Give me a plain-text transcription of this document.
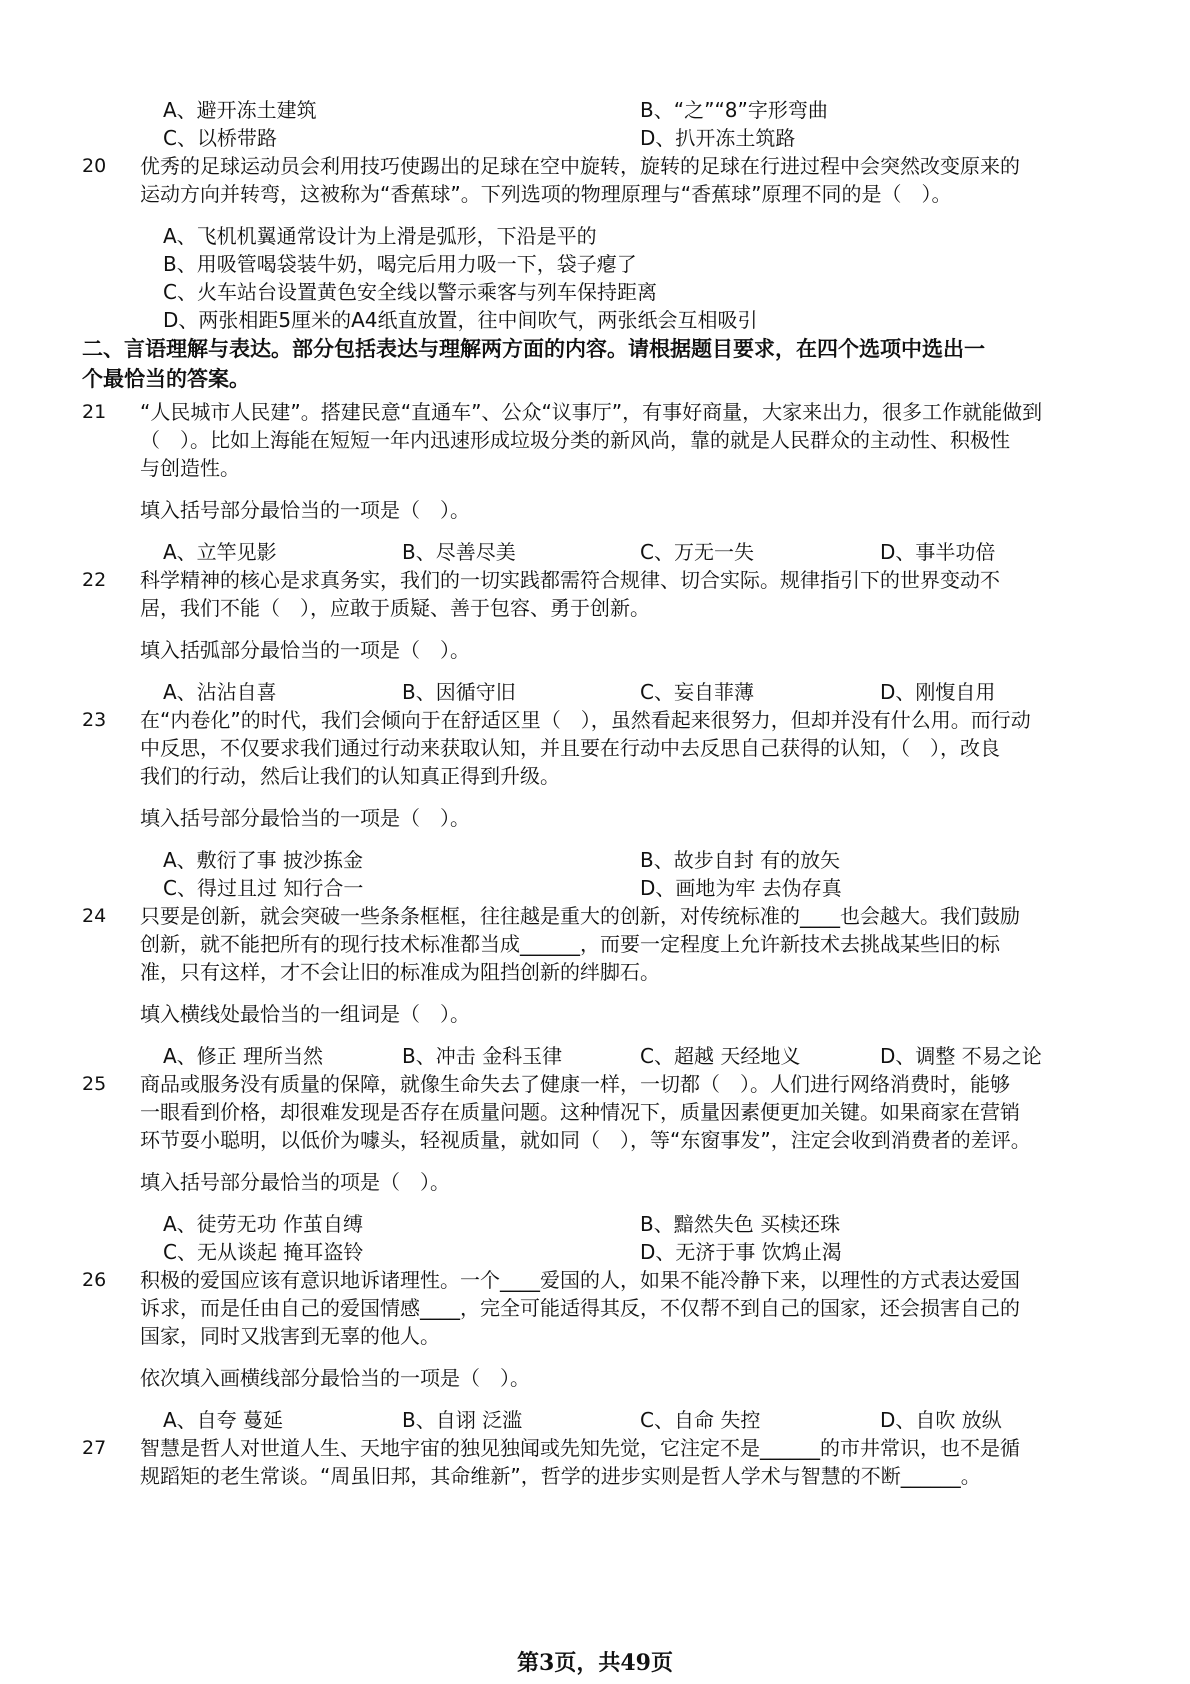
A、避开冻土建筑	B、“之”“8”字形弯曲
C、以桥带路	D、扒开冻土筑路
20 优秀的足球运动员会利用技巧使踢出的足球在空中旋转，旋转的足球在行进过程中会突然改变原来的
运动方向并转弯，这被称为“香蕉球”。下列选项的物理原理与“香蕉球”原理不同的是（　）。
A、飞机机翼通常设计为上滑是弧形，下沿是平的
B、用吸管喝袋装牛奶，喝完后用力吸一下，袋子瘪了
C、火车站台设置黄色安全线以警示乘客与列车保持距离
D、两张相距5厘米的A4纸直放置，往中间吹气，两张纸会互相吸引
二、言语理解与表达。部分包括表达与理解两方面的内容。请根据题目要求，在四个选项中选出一
个最恰当的答案。
21 “人民城市人民建”。搭建民意“直通车”、公众“议事厅”，有事好商量，大家来出力，很多工作就能做到
（　）。比如上海能在短短一年内迅速形成垃圾分类的新风尚，靠的就是人民群众的主动性、积极性
与创造性。
填入括号部分最恰当的一项是（　）。
A、立竿见影	B、尽善尽美	C、万无一失	D、事半功倍
22 科学精神的核心是求真务实，我们的一切实践都需符合规律、切合实际。规律指引下的世界变动不
居，我们不能（　），应敢于质疑、善于包容、勇于创新。
填入括弧部分最恰当的一项是（　）。
A、沾沾自喜	B、因循守旧	C、妄自菲薄	D、刚愎自用
23 在“内卷化”的时代，我们会倾向于在舒适区里（　），虽然看起来很努力，但却并没有什么用。而行动
中反思，不仅要求我们通过行动来获取认知，并且要在行动中去反思自己获得的认知，（　），改良
我们的行动，然后让我们的认知真正得到升级。
填入括号部分最恰当的一项是（　）。
A、敷衍了事 披沙拣金	B、故步自封 有的放矢
C、得过且过 知行合一	D、画地为牢 去伪存真
24 只要是创新，就会突破一些条条框框，往往越是重大的创新，对传统标准的____也会越大。我们鼓励
创新，就不能把所有的现行技术标准都当成______，而要一定程度上允许新技术去挑战某些旧的标
准，只有这样，才不会让旧的标准成为阻挡创新的绊脚石。
填入横线处最恰当的一组词是（　）。
A、修正 理所当然	B、冲击 金科玉律	C、超越 天经地义	D、调整 不易之论
25 商品或服务没有质量的保障，就像生命失去了健康一样，一切都（　）。人们进行网络消费时，能够
一眼看到价格，却很难发现是否存在质量问题。这种情况下，质量因素便更加关键。如果商家在营销
环节耍小聪明，以低价为噱头，轻视质量，就如同（　），等“东窗事发”，注定会收到消费者的差评。
填入括号部分最恰当的项是（　）。
A、徒劳无功 作茧自缚	B、黯然失色 买椟还珠
C、无从谈起 掩耳盗铃	D、无济于事 饮鸩止渴
26 积极的爱国应该有意识地诉诸理性。一个____爱国的人，如果不能冷静下来，以理性的方式表达爱国
诉求，而是任由自己的爱国情感____，完全可能适得其反，不仅帮不到自己的国家，还会损害自己的
国家，同时又戕害到无辜的他人。
依次填入画横线部分最恰当的一项是（　）。
A、自夸 蔓延	B、自诩 泛滥	C、自命 失控	D、自吹 放纵
27 智慧是哲人对世道人生、天地宇宙的独见独闻或先知先觉，它注定不是______的市井常识，也不是循
规蹈矩的老生常谈。“周虽旧邦，其命维新”，哲学的进步实则是哲人学术与智慧的不断______。
第3页，共49页
